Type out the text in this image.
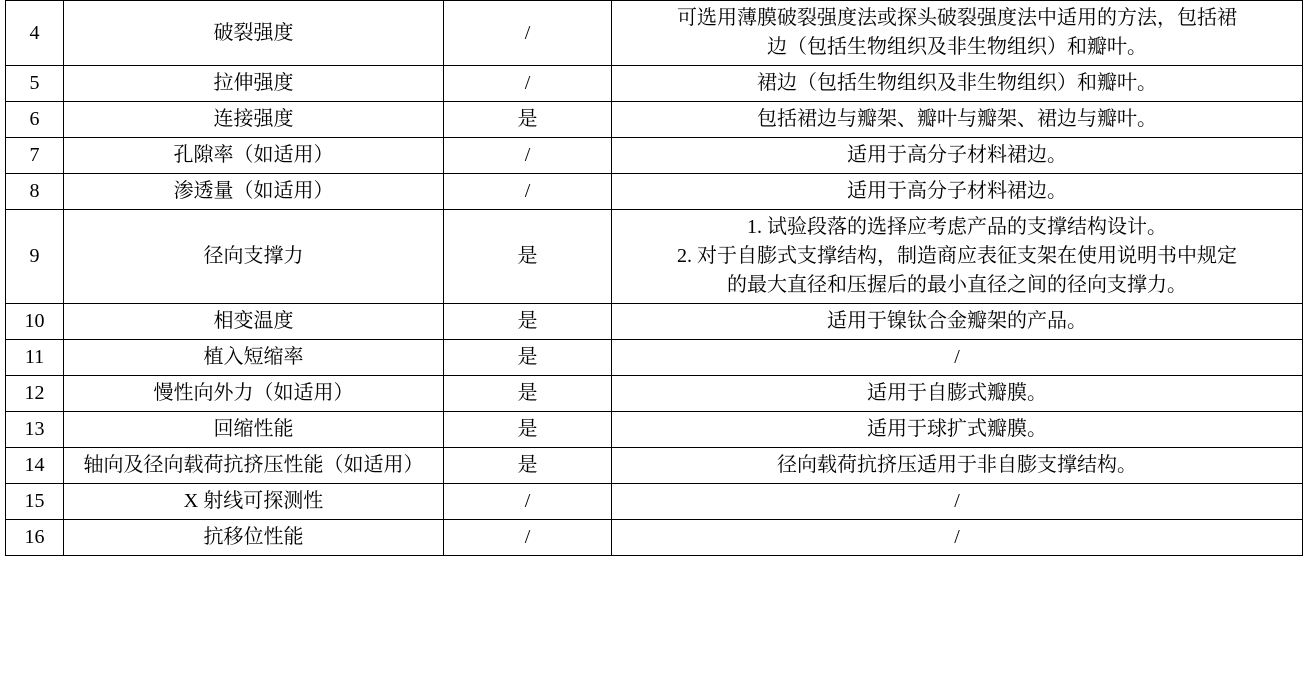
4	破裂强度	/	可选用薄膜破裂强度法或探头破裂强度法中适用的方法，包括裙
边（包括生物组织及非生物组织）和瓣叶。

5	拉伸强度	/	裙边（包括生物组织及非生物组织）和瓣叶。

6	连接强度	是	包括裙边与瓣架、瓣叶与瓣架、裙边与瓣叶。

7	孔隙率（如适用）	/	适用于高分子材料裙边。

8	渗透量（如适用）	/	适用于高分子材料裙边。

9	径向支撑力	是	1. 试验段落的选择应考虑产品的支撑结构设计。
2. 对于自膨式支撑结构，制造商应表征支架在使用说明书中规定
的最大直径和压握后的最小直径之间的径向支撑力。

10	相变温度	是	适用于镍钛合金瓣架的产品。

11	植入短缩率	是	/

12	慢性向外力（如适用）	是	适用于自膨式瓣膜。

13	回缩性能	是	适用于球扩式瓣膜。

14	轴向及径向载荷抗挤压性能（如适用）	是	径向载荷抗挤压适用于非自膨支撑结构。

15	X 射线可探测性	/	/

16	抗移位性能	/	/
